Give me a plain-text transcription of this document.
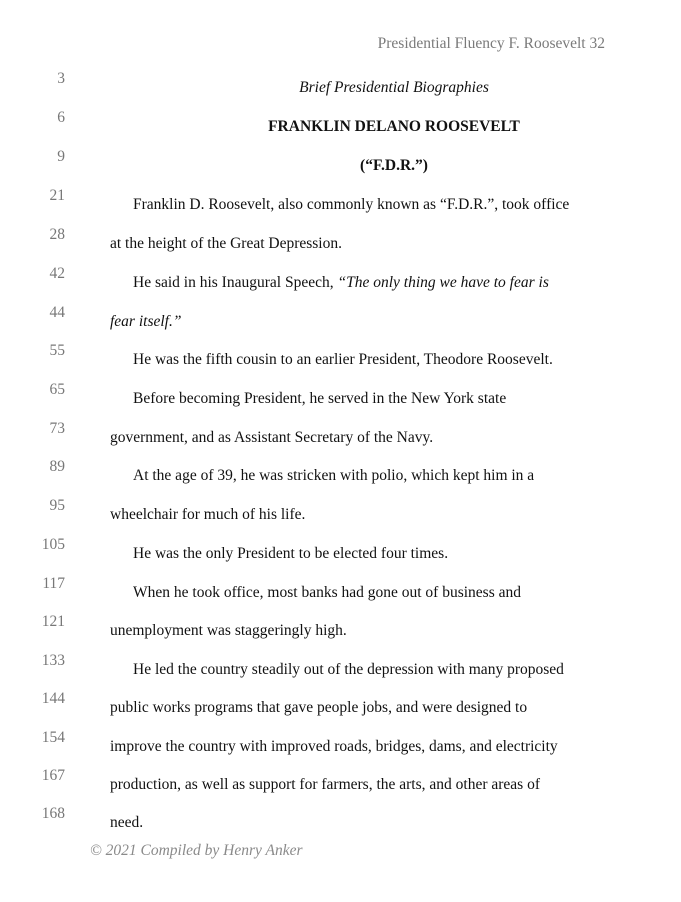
Presidential Fluency F. Roosevelt 32
3
Brief Presidential Biographies
6
FRANKLIN DELANO ROOSEVELT
9
(“F.D.R.”)
21
Franklin D. Roosevelt, also commonly known as “F.D.R.”, took office
28
at the height of the Great Depression.
42
He said in his Inaugural Speech, “The only thing we have to fear is
44
fear itself.”
55
He was the fifth cousin to an earlier President, Theodore Roosevelt.
65
Before becoming President, he served in the New York state
73
government, and as Assistant Secretary of the Navy.
89
At the age of 39, he was stricken with polio, which kept him in a
95
wheelchair for much of his life.
105
He was the only President to be elected four times.
117
When he took office, most banks had gone out of business and
121
unemployment was staggeringly high.
133
He led the country steadily out of the depression with many proposed
144
public works programs that gave people jobs, and were designed to
154
improve the country with improved roads, bridges, dams, and electricity
167
production, as well as support for farmers, the arts, and other areas of
168
need.
© 2021 Compiled by Henry Anker
